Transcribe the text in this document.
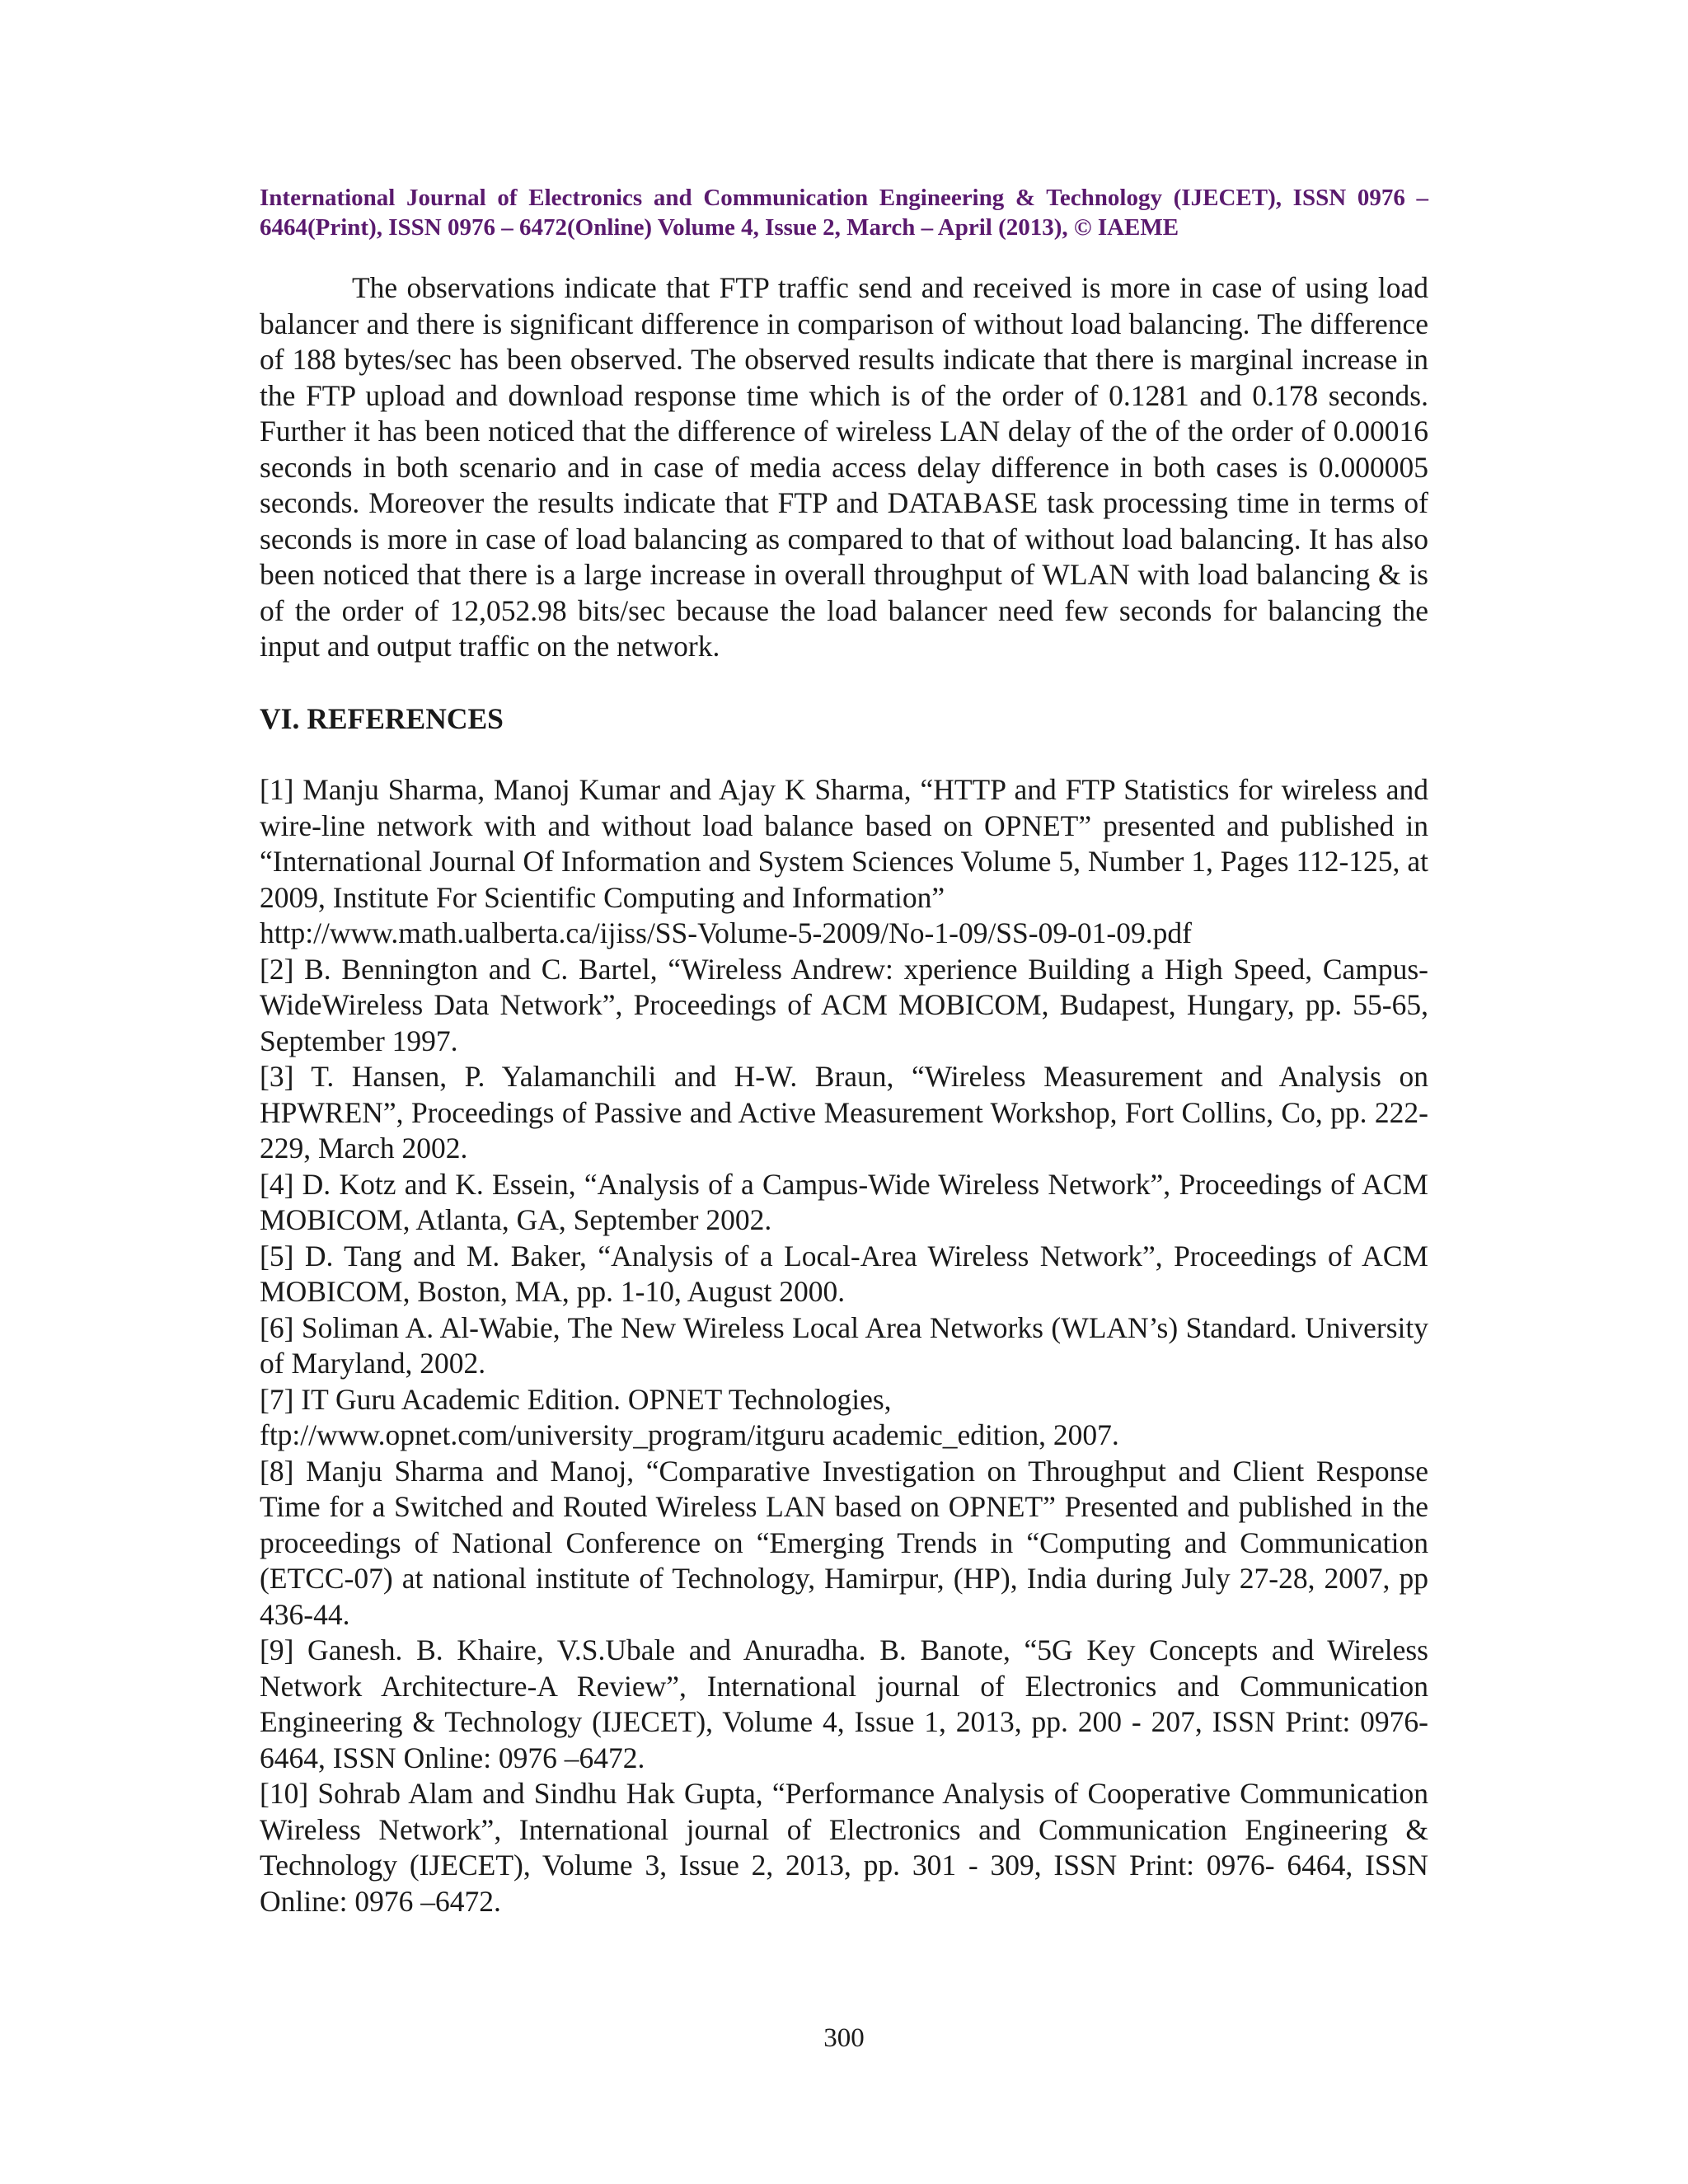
International Journal of Electronics and Communication Engineering & Technology (IJECET), ISSN 0976 – 6464(Print), ISSN 0976 – 6472(Online) Volume 4, Issue 2, March – April (2013), © IAEME

The observations indicate that FTP traffic send and received is more in case of using load balancer and there is significant difference in comparison of without load balancing. The difference of 188 bytes/sec has been observed. The observed results indicate that there is marginal increase in the FTP upload and download response time which is of the order of 0.1281 and 0.178 seconds. Further it has been noticed that the difference of wireless LAN delay of the of the order of 0.00016 seconds in both scenario and in case of media access delay difference in both cases is 0.000005 seconds. Moreover the results indicate that FTP and DATABASE task processing time in terms of seconds is more in case of load balancing as compared to that of without load balancing. It has also been noticed that there is a large increase in overall throughput of WLAN with load balancing & is of the order of 12,052.98 bits/sec because the load balancer need few seconds for balancing the input and output traffic on the network.

VI. REFERENCES
[1] Manju Sharma, Manoj Kumar and Ajay K Sharma, “HTTP and FTP Statistics for wireless and wire-line network with and without load balance based on OPNET” presented and published in “International Journal Of Information and System Sciences Volume 5, Number 1, Pages 112-125, at 2009, Institute For Scientific Computing and Information”
http://www.math.ualberta.ca/ijiss/SS-Volume-5-2009/No-1-09/SS-09-01-09.pdf
[2] B. Bennington and C. Bartel, “Wireless Andrew: xperience Building a High Speed, Campus-WideWireless Data Network”, Proceedings of ACM MOBICOM, Budapest, Hungary, pp. 55-65, September 1997.
[3] T. Hansen, P. Yalamanchili and H-W. Braun, “Wireless Measurement and Analysis on HPWREN”, Proceedings of Passive and Active Measurement Workshop, Fort Collins, Co, pp. 222-229, March 2002.
[4] D. Kotz and K. Essein, “Analysis of a Campus-Wide Wireless Network”, Proceedings of ACM MOBICOM, Atlanta, GA, September 2002.
[5] D. Tang and M. Baker, “Analysis of a Local-Area Wireless Network”, Proceedings of ACM MOBICOM, Boston, MA, pp. 1-10, August 2000.
[6] Soliman A. Al-Wabie, The New Wireless Local Area Networks (WLAN’s) Standard. University of Maryland, 2002.
[7] IT Guru Academic Edition. OPNET Technologies,
ftp://www.opnet.com/university_program/itguru academic_edition, 2007.
[8] Manju Sharma and Manoj, “Comparative Investigation on Throughput and Client Response Time for a Switched and Routed Wireless LAN based on OPNET” Presented and published in the proceedings of National Conference on “Emerging Trends in “Computing and Communication (ETCC-07) at national institute of Technology, Hamirpur, (HP), India during July 27-28, 2007, pp 436-44.
[9] Ganesh. B. Khaire, V.S.Ubale and Anuradha. B. Banote, “5G Key Concepts and Wireless Network Architecture-A Review”, International journal of Electronics and Communication Engineering & Technology (IJECET), Volume 4, Issue 1, 2013, pp. 200 - 207, ISSN Print: 0976- 6464, ISSN Online: 0976 –6472.
[10] Sohrab Alam and Sindhu Hak Gupta, “Performance Analysis of Cooperative Communication Wireless Network”, International journal of Electronics and Communication Engineering & Technology (IJECET), Volume 3, Issue 2, 2013, pp. 301 - 309, ISSN Print: 0976- 6464, ISSN Online: 0976 –6472.
300
